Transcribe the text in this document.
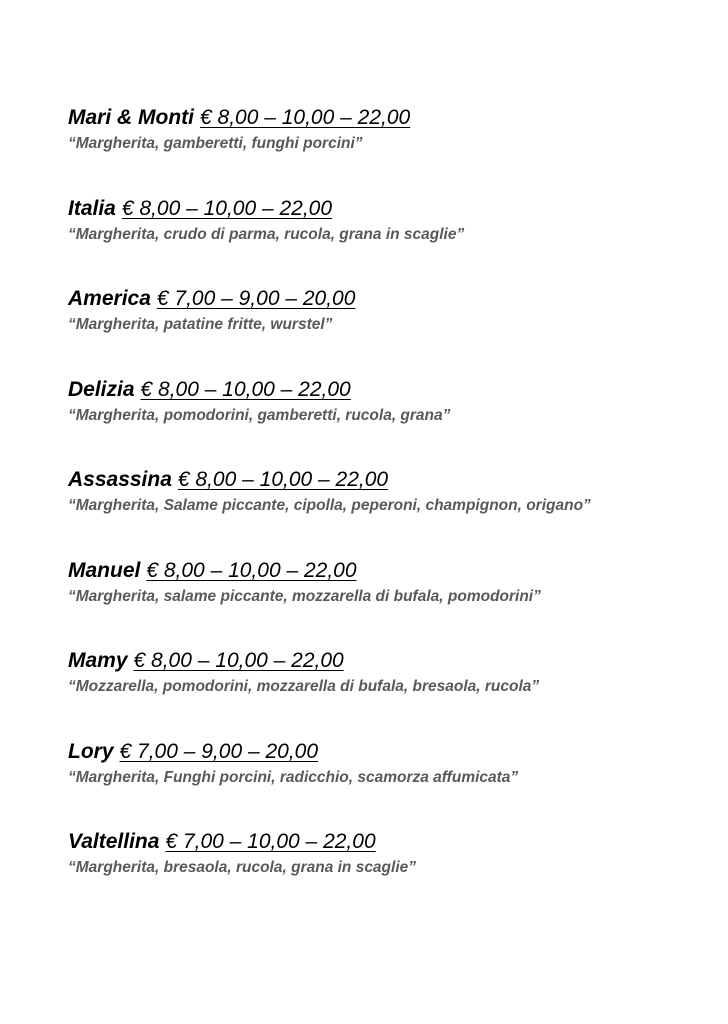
Mari & Monti € 8,00 – 10,00 – 22,00
“Margherita, gamberetti, funghi porcini”
Italia € 8,00 – 10,00 – 22,00
“Margherita, crudo di parma, rucola, grana in scaglie”
America € 7,00 – 9,00 – 20,00
“Margherita, patatine fritte, wurstel”
Delizia € 8,00 – 10,00 – 22,00
“Margherita, pomodorini, gamberetti, rucola, grana”
Assassina € 8,00 – 10,00 – 22,00
“Margherita, Salame piccante, cipolla, peperoni, champignon, origano”
Manuel € 8,00 – 10,00 – 22,00
“Margherita, salame piccante, mozzarella di bufala, pomodorini”
Mamy € 8,00 – 10,00 – 22,00
“Mozzarella, pomodorini, mozzarella di bufala, bresaola, rucola”
Lory € 7,00 – 9,00 – 20,00
“Margherita, Funghi porcini, radicchio, scamorza affumicata”
Valtellina € 7,00 – 10,00 – 22,00
“Margherita, bresaola, rucola, grana in scaglie”
